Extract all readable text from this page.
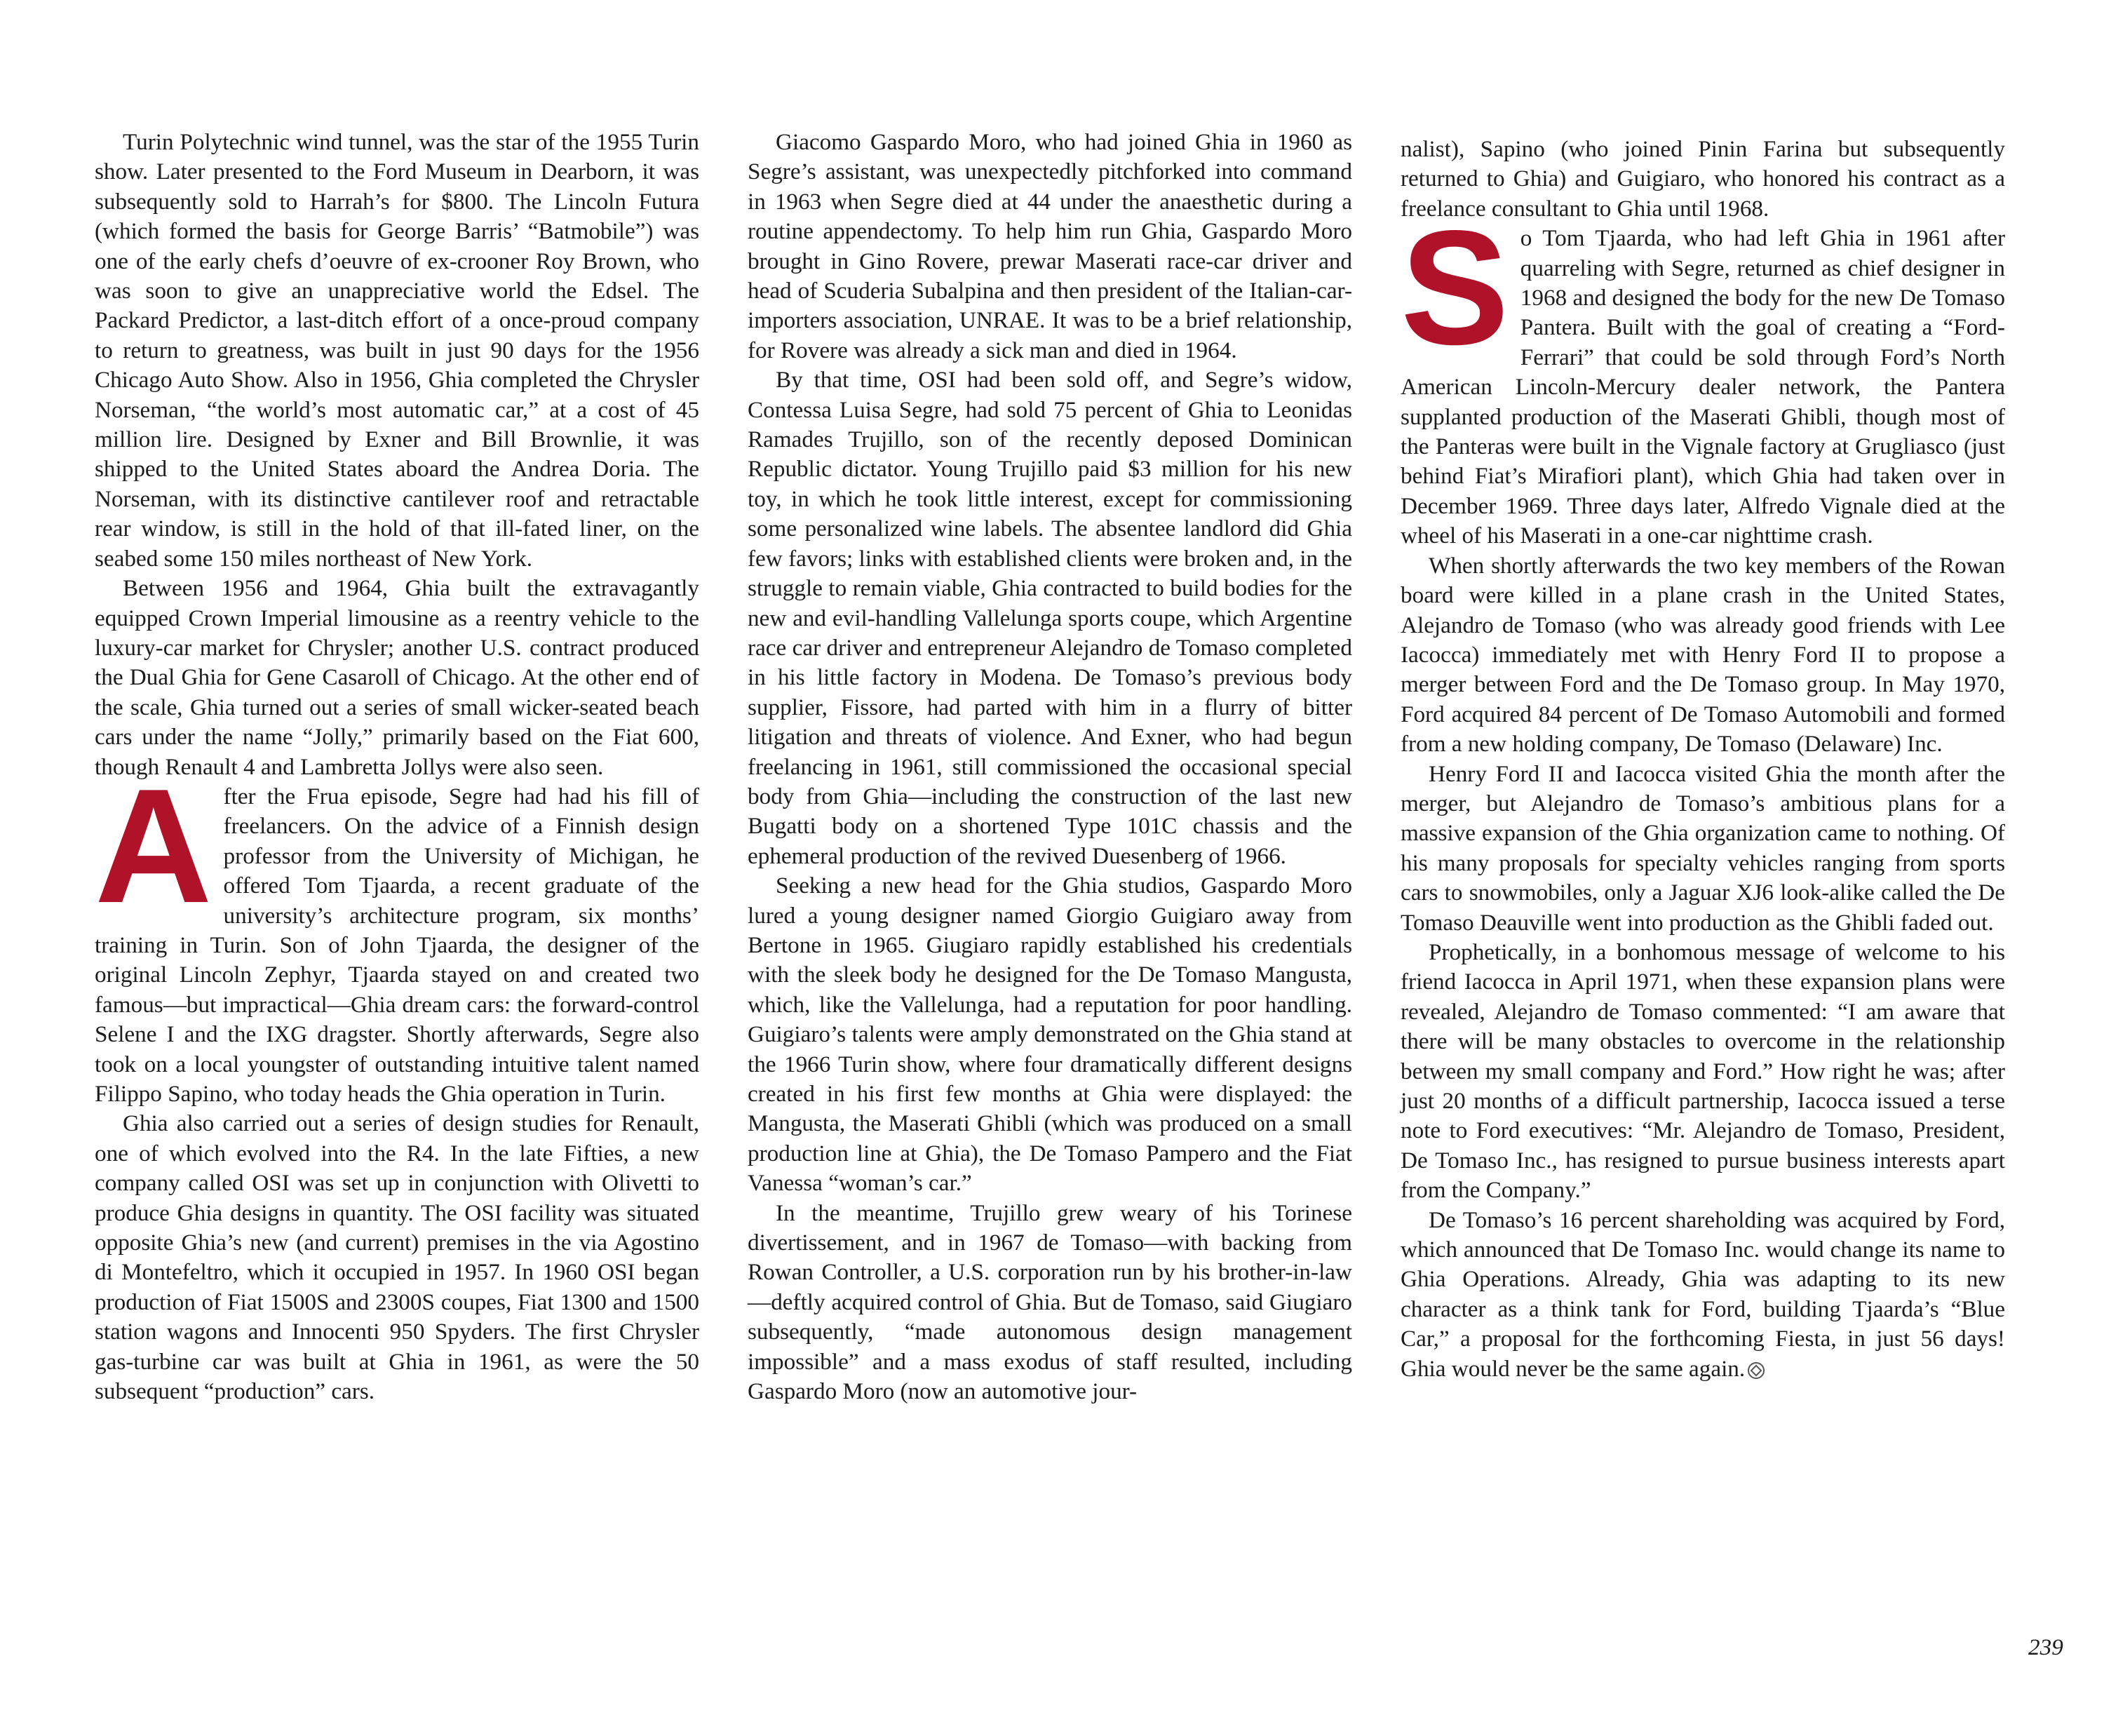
Turin Polytechnic wind tunnel, was the star of the 1955 Turin show. Later presented to the Ford Museum in Dearborn, it was subsequently sold to Harrah’s for $800. The Lincoln Futura (which formed the basis for George Barris’ “Batmobile”) was one of the early chefs d’oeuvre of ex-crooner Roy Brown, who was soon to give an unappreciative world the Edsel. The Packard Predictor, a last-ditch effort of a once-proud company to return to greatness, was built in just 90 days for the 1956 Chicago Auto Show. Also in 1956, Ghia completed the Chrysler Norseman, “the world’s most automatic car,” at a cost of 45 million lire. Designed by Exner and Bill Brownlie, it was shipped to the United States aboard the Andrea Doria. The Norseman, with its distinctive cantilever roof and retractable rear window, is still in the hold of that ill-fated liner, on the seabed some 150 miles northeast of New York.

Between 1956 and 1964, Ghia built the extravagantly equipped Crown Imperial limousine as a reentry vehicle to the luxury-car market for Chrysler; another U.S. contract produced the Dual Ghia for Gene Casaroll of Chicago. At the other end of the scale, Ghia turned out a series of small wicker-seated beach cars under the name “Jolly,” primarily based on the Fiat 600, though Renault 4 and Lambretta Jollys were also seen.

After the Frua episode, Segre had had his fill of freelancers. On the advice of a Finnish design professor from the University of Michigan, he offered Tom Tjaarda, a recent graduate of the university’s architecture program, six months’ training in Turin. Son of John Tjaarda, the designer of the original Lincoln Zephyr, Tjaarda stayed on and created two famous—but impractical—Ghia dream cars: the forward-control Selene I and the IXG dragster. Shortly afterwards, Segre also took on a local youngster of outstanding intuitive talent named Filippo Sapino, who today heads the Ghia operation in Turin.

Ghia also carried out a series of design studies for Renault, one of which evolved into the R4. In the late Fifties, a new company called OSI was set up in conjunction with Olivetti to produce Ghia designs in quantity. The OSI facility was situated opposite Ghia’s new (and current) premises in the via Agostino di Montefeltro, which it occupied in 1957. In 1960 OSI began production of Fiat 1500S and 2300S coupes, Fiat 1300 and 1500 station wagons and Innocenti 950 Spyders. The first Chrysler gas-turbine car was built at Ghia in 1961, as were the 50 subsequent “production” cars.

Giacomo Gaspardo Moro, who had joined Ghia in 1960 as Segre’s assistant, was unexpectedly pitchforked into command in 1963 when Segre died at 44 under the anaesthetic during a routine appendectomy. To help him run Ghia, Gaspardo Moro brought in Gino Rovere, prewar Maserati race-car driver and head of Scuderia Subalpina and then president of the Italian-car-importers association, UNRAE. It was to be a brief relationship, for Rovere was already a sick man and died in 1964.

By that time, OSI had been sold off, and Segre’s widow, Contessa Luisa Segre, had sold 75 percent of Ghia to Leonidas Ramades Trujillo, son of the recently deposed Dominican Republic dictator. Young Trujillo paid $3 million for his new toy, in which he took little interest, except for commissioning some personalized wine labels. The absentee landlord did Ghia few favors; links with established clients were broken and, in the struggle to remain viable, Ghia contracted to build bodies for the new and evil-handling Vallelunga sports coupe, which Argentine race car driver and entrepreneur Alejandro de Tomaso completed in his little factory in Modena. De Tomaso’s previous body supplier, Fissore, had parted with him in a flurry of bitter litigation and threats of violence. And Exner, who had begun freelancing in 1961, still commissioned the occasional special body from Ghia—including the construction of the last new Bugatti body on a shortened Type 101C chassis and the ephemeral production of the revived Duesenberg of 1966.

Seeking a new head for the Ghia studios, Gaspardo Moro lured a young designer named Giorgio Guigiaro away from Bertone in 1965. Giugiaro rapidly established his credentials with the sleek body he designed for the De Tomaso Mangusta, which, like the Vallelunga, had a reputation for poor handling. Guigiaro’s talents were amply demonstrated on the Ghia stand at the 1966 Turin show, where four dramatically different designs created in his first few months at Ghia were displayed: the Mangusta, the Maserati Ghibli (which was produced on a small production line at Ghia), the De Tomaso Pampero and the Fiat Vanessa “woman’s car.”

In the meantime, Trujillo grew weary of his Torinese divertissement, and in 1967 de Tomaso—with backing from Rowan Controller, a U.S. corporation run by his brother-in-law—deftly acquired control of Ghia. But de Tomaso, said Giugiaro subsequently, “made autonomous design management impossible” and a mass exodus of staff resulted, including Gaspardo Moro (now an automotive jour-

nalist), Sapino (who joined Pinin Farina but subsequently returned to Ghia) and Guigiaro, who honored his contract as a freelance consultant to Ghia until 1968.

So Tom Tjaarda, who had left Ghia in 1961 after quarreling with Segre, returned as chief designer in 1968 and designed the body for the new De Tomaso Pantera. Built with the goal of creating a “Ford-Ferrari” that could be sold through Ford’s North American Lincoln-Mercury dealer network, the Pantera supplanted production of the Maserati Ghibli, though most of the Panteras were built in the Vignale factory at Grugliasco (just behind Fiat’s Mirafiori plant), which Ghia had taken over in December 1969. Three days later, Alfredo Vignale died at the wheel of his Maserati in a one-car nighttime crash.

When shortly afterwards the two key members of the Rowan board were killed in a plane crash in the United States, Alejandro de Tomaso (who was already good friends with Lee Iacocca) immediately met with Henry Ford II to propose a merger between Ford and the De Tomaso group. In May 1970, Ford acquired 84 percent of De Tomaso Automobili and formed from a new holding company, De Tomaso (Delaware) Inc.

Henry Ford II and Iacocca visited Ghia the month after the merger, but Alejandro de Tomaso’s ambitious plans for a massive expansion of the Ghia organization came to nothing. Of his many proposals for specialty vehicles ranging from sports cars to snowmobiles, only a Jaguar XJ6 look-alike called the De Tomaso Deauville went into production as the Ghibli faded out.

Prophetically, in a bonhomous message of welcome to his friend Iacocca in April 1971, when these expansion plans were revealed, Alejandro de Tomaso commented: “I am aware that there will be many obstacles to overcome in the relationship between my small company and Ford.” How right he was; after just 20 months of a difficult partnership, Iacocca issued a terse note to Ford executives: “Mr. Alejandro de Tomaso, President, De Tomaso Inc., has resigned to pursue business interests apart from the Company.”

De Tomaso’s 16 percent shareholding was acquired by Ford, which announced that De Tomaso Inc. would change its name to Ghia Operations. Already, Ghia was adapting to its new character as a think tank for Ford, building Tjaarda’s “Blue Car,” a proposal for the forthcoming Fiesta, in just 56 days! Ghia would never be the same again.

239
